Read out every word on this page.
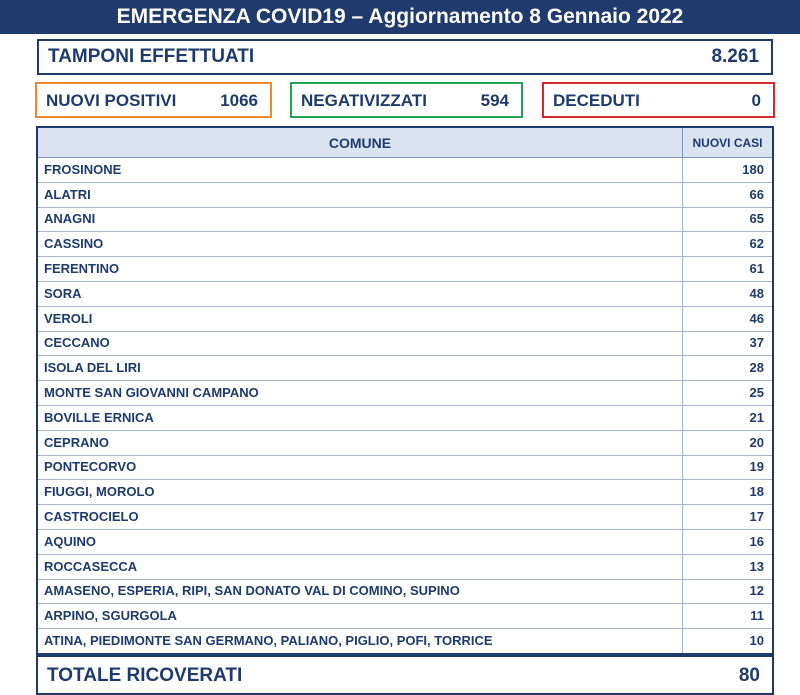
EMERGENZA COVID19 – Aggiornamento 8 Gennaio 2022
TAMPONI EFFETTUATI	8.261
NUOVI POSITIVI	1066	NEGATIVIZZATI	594	DECEDUTI	0
COMUNE	NUOVI CASI
FROSINONE	180
ALATRI	66
ANAGNI	65
CASSINO	62
FERENTINO	61
SORA	48
VEROLI	46
CECCANO	37
ISOLA DEL LIRI	28
MONTE SAN GIOVANNI CAMPANO	25
BOVILLE ERNICA	21
CEPRANO	20
PONTECORVO	19
FIUGGI, MOROLO	18
CASTROCIELO	17
AQUINO	16
ROCCASECCA	13
AMASENO, ESPERIA, RIPI, SAN DONATO VAL DI COMINO, SUPINO	12
ARPINO, SGURGOLA	11
ATINA, PIEDIMONTE SAN GERMANO, PALIANO, PIGLIO, POFI, TORRICE	10
TOTALE RICOVERATI	80
